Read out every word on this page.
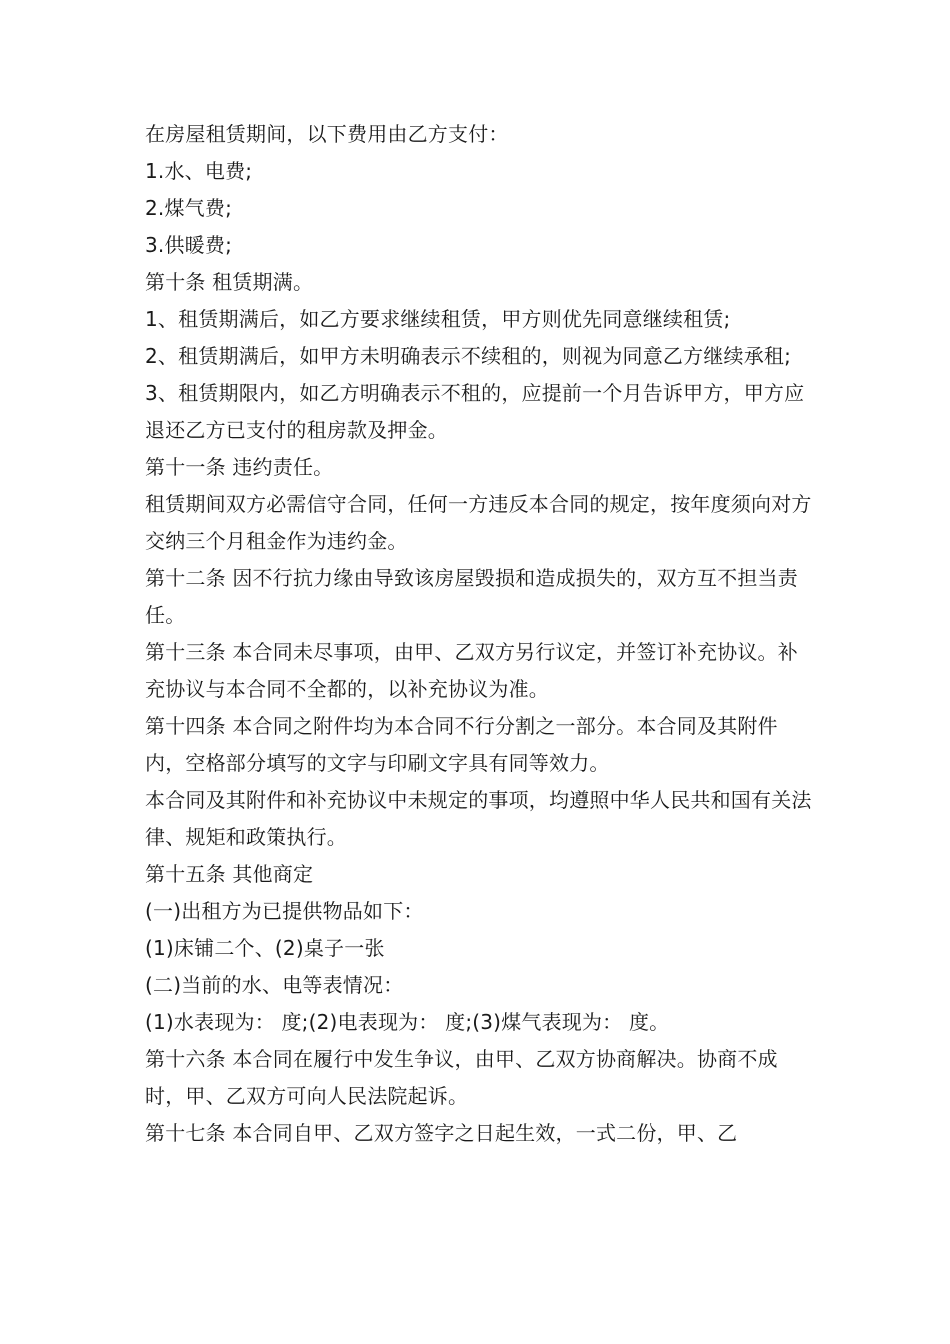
在房屋租赁期间，以下费用由乙方支付：

1.水、电费;

2.煤气费;

3.供暖费;

第十条 租赁期满。

1、租赁期满后，如乙方要求继续租赁，甲方则优先同意继续租赁;

2、租赁期满后，如甲方未明确表示不续租的，则视为同意乙方继续承租;

3、租赁期限内，如乙方明确表示不租的，应提前一个月告诉甲方，甲方应退还乙方已支付的租房款及押金。

第十一条 违约责任。

租赁期间双方必需信守合同，任何一方违反本合同的规定，按年度须向对方交纳三个月租金作为违约金。

第十二条 因不行抗力缘由导致该房屋毁损和造成损失的，双方互不担当责任。

第十三条 本合同未尽事项，由甲、乙双方另行议定，并签订补充协议。补充协议与本合同不全都的，以补充协议为准。

第十四条 本合同之附件均为本合同不行分割之一部分。本合同及其附件内，空格部分填写的文字与印刷文字具有同等效力。

本合同及其附件和补充协议中未规定的事项，均遵照中华人民共和国有关法律、规矩和政策执行。

第十五条 其他商定

(一)出租方为已提供物品如下：

(1)床铺二个、(2)桌子一张

(二)当前的水、电等表情况：

(1)水表现为： 度;(2)电表现为： 度;(3)煤气表现为： 度。

第十六条 本合同在履行中发生争议，由甲、乙双方协商解决。协商不成时，甲、乙双方可向人民法院起诉。

第十七条 本合同自甲、乙双方签字之日起生效，一式二份，甲、乙
